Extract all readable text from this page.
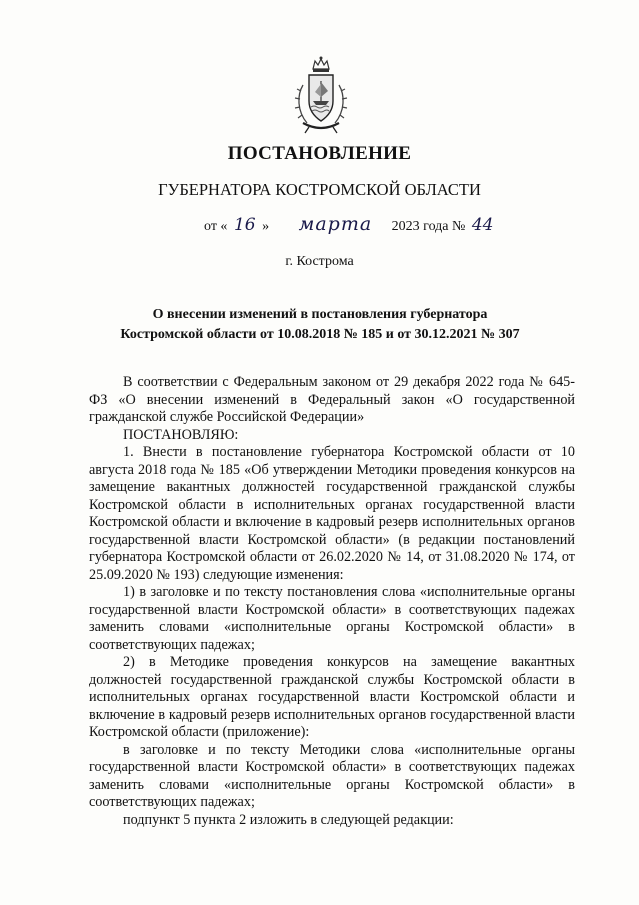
ПОСТАНОВЛЕНИЕ
ГУБЕРНАТОРА КОСТРОМСКОЙ ОБЛАСТИ
от « 16 » марта 2023 года № 44
г. Кострома
О внесении изменений в постановления губернатора
Костромской области от 10.08.2018 № 185 и от 30.12.2021 № 307

В соответствии с Федеральным законом от 29 декабря 2022 года № 645-ФЗ «О внесении изменений в Федеральный закон «О государственной гражданской службе Российской Федерации»

ПОСТАНОВЛЯЮ:

1. Внести в постановление губернатора Костромской области от 10 августа 2018 года № 185 «Об утверждении Методики проведения конкурсов на замещение вакантных должностей государственной гражданской службы Костромской области в исполнительных органах государственной власти Костромской области и включение в кадровый резерв исполнительных органов государственной власти Костромской области» (в редакции постановлений губернатора Костромской области от 26.02.2020 № 14, от 31.08.2020 № 174, от 25.09.2020 № 193) следующие изменения:

1) в заголовке и по тексту постановления слова «исполнительные органы государственной власти Костромской области» в соответствующих падежах заменить словами «исполнительные органы Костромской области» в соответствующих падежах;

2) в Методике проведения конкурсов на замещение вакантных должностей государственной гражданской службы Костромской области в исполнительных органах государственной власти Костромской области и включение в кадровый резерв исполнительных органов государственной власти Костромской области (приложение):

в заголовке и по тексту Методики слова «исполнительные органы государственной власти Костромской области» в соответствующих падежах заменить словами «исполнительные органы Костромской области» в соответствующих падежах;

подпункт 5 пункта 2 изложить в следующей редакции:
